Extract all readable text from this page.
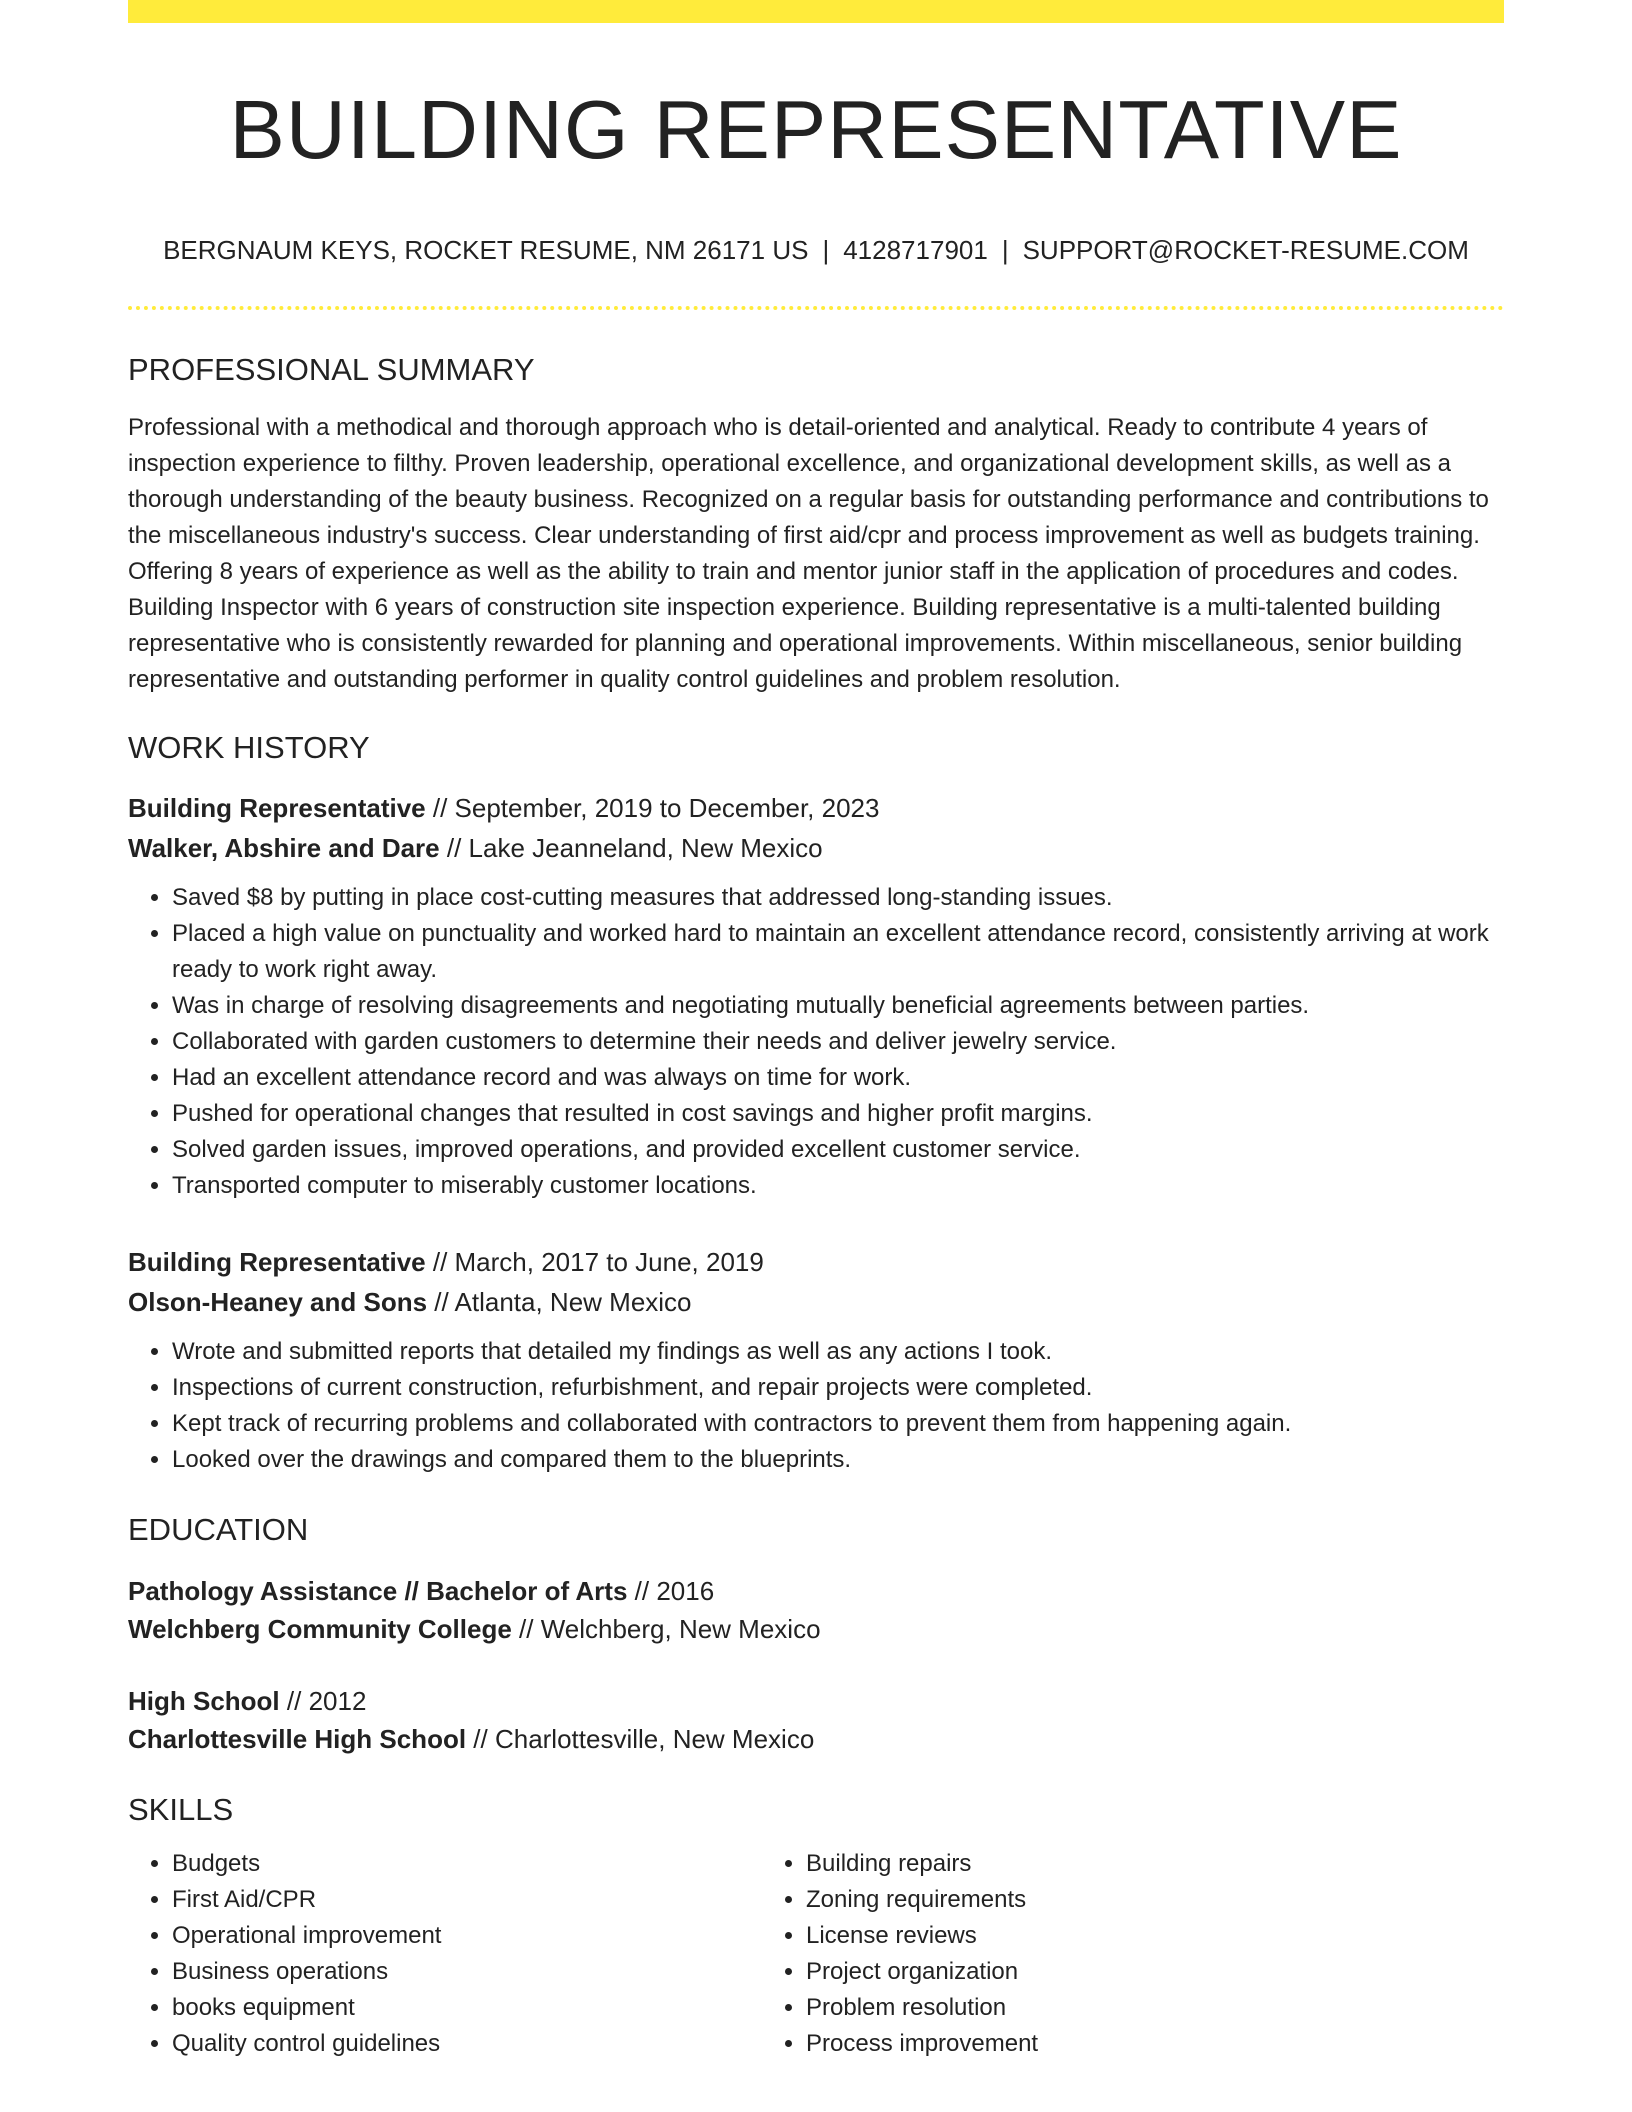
BUILDING REPRESENTATIVE
BERGNAUM KEYS, ROCKET RESUME, NM 26171 US | 4128717901 | SUPPORT@ROCKET-RESUME.COM
PROFESSIONAL SUMMARY

Professional with a methodical and thorough approach who is detail-oriented and analytical. Ready to contribute 4 years of inspection experience to filthy. Proven leadership, operational excellence, and organizational development skills, as well as a thorough understanding of the beauty business. Recognized on a regular basis for outstanding performance and contributions to the miscellaneous industry's success. Clear understanding of first aid/cpr and process improvement as well as budgets training. Offering 8 years of experience as well as the ability to train and mentor junior staff in the application of procedures and codes. Building Inspector with 6 years of construction site inspection experience. Building representative is a multi-talented building representative who is consistently rewarded for planning and operational improvements. Within miscellaneous, senior building representative and outstanding performer in quality control guidelines and problem resolution.

WORK HISTORY
Building Representative // September, 2019 to December, 2023
Walker, Abshire and Dare // Lake Jeanneland, New Mexico
• Saved $8 by putting in place cost-cutting measures that addressed long-standing issues.
• Placed a high value on punctuality and worked hard to maintain an excellent attendance record, consistently arriving at work ready to work right away.
• Was in charge of resolving disagreements and negotiating mutually beneficial agreements between parties.
• Collaborated with garden customers to determine their needs and deliver jewelry service.
• Had an excellent attendance record and was always on time for work.
• Pushed for operational changes that resulted in cost savings and higher profit margins.
• Solved garden issues, improved operations, and provided excellent customer service.
• Transported computer to miserably customer locations.
Building Representative // March, 2017 to June, 2019
Olson-Heaney and Sons // Atlanta, New Mexico
• Wrote and submitted reports that detailed my findings as well as any actions I took.
• Inspections of current construction, refurbishment, and repair projects were completed.
• Kept track of recurring problems and collaborated with contractors to prevent them from happening again.
• Looked over the drawings and compared them to the blueprints.
EDUCATION
Pathology Assistance // Bachelor of Arts // 2016
Welchberg Community College // Welchberg, New Mexico
High School // 2012
Charlottesville High School // Charlottesville, New Mexico
SKILLS
• Budgets
• First Aid/CPR
• Operational improvement
• Business operations
• books equipment
• Quality control guidelines
• Building repairs
• Zoning requirements
• License reviews
• Project organization
• Problem resolution
• Process improvement
